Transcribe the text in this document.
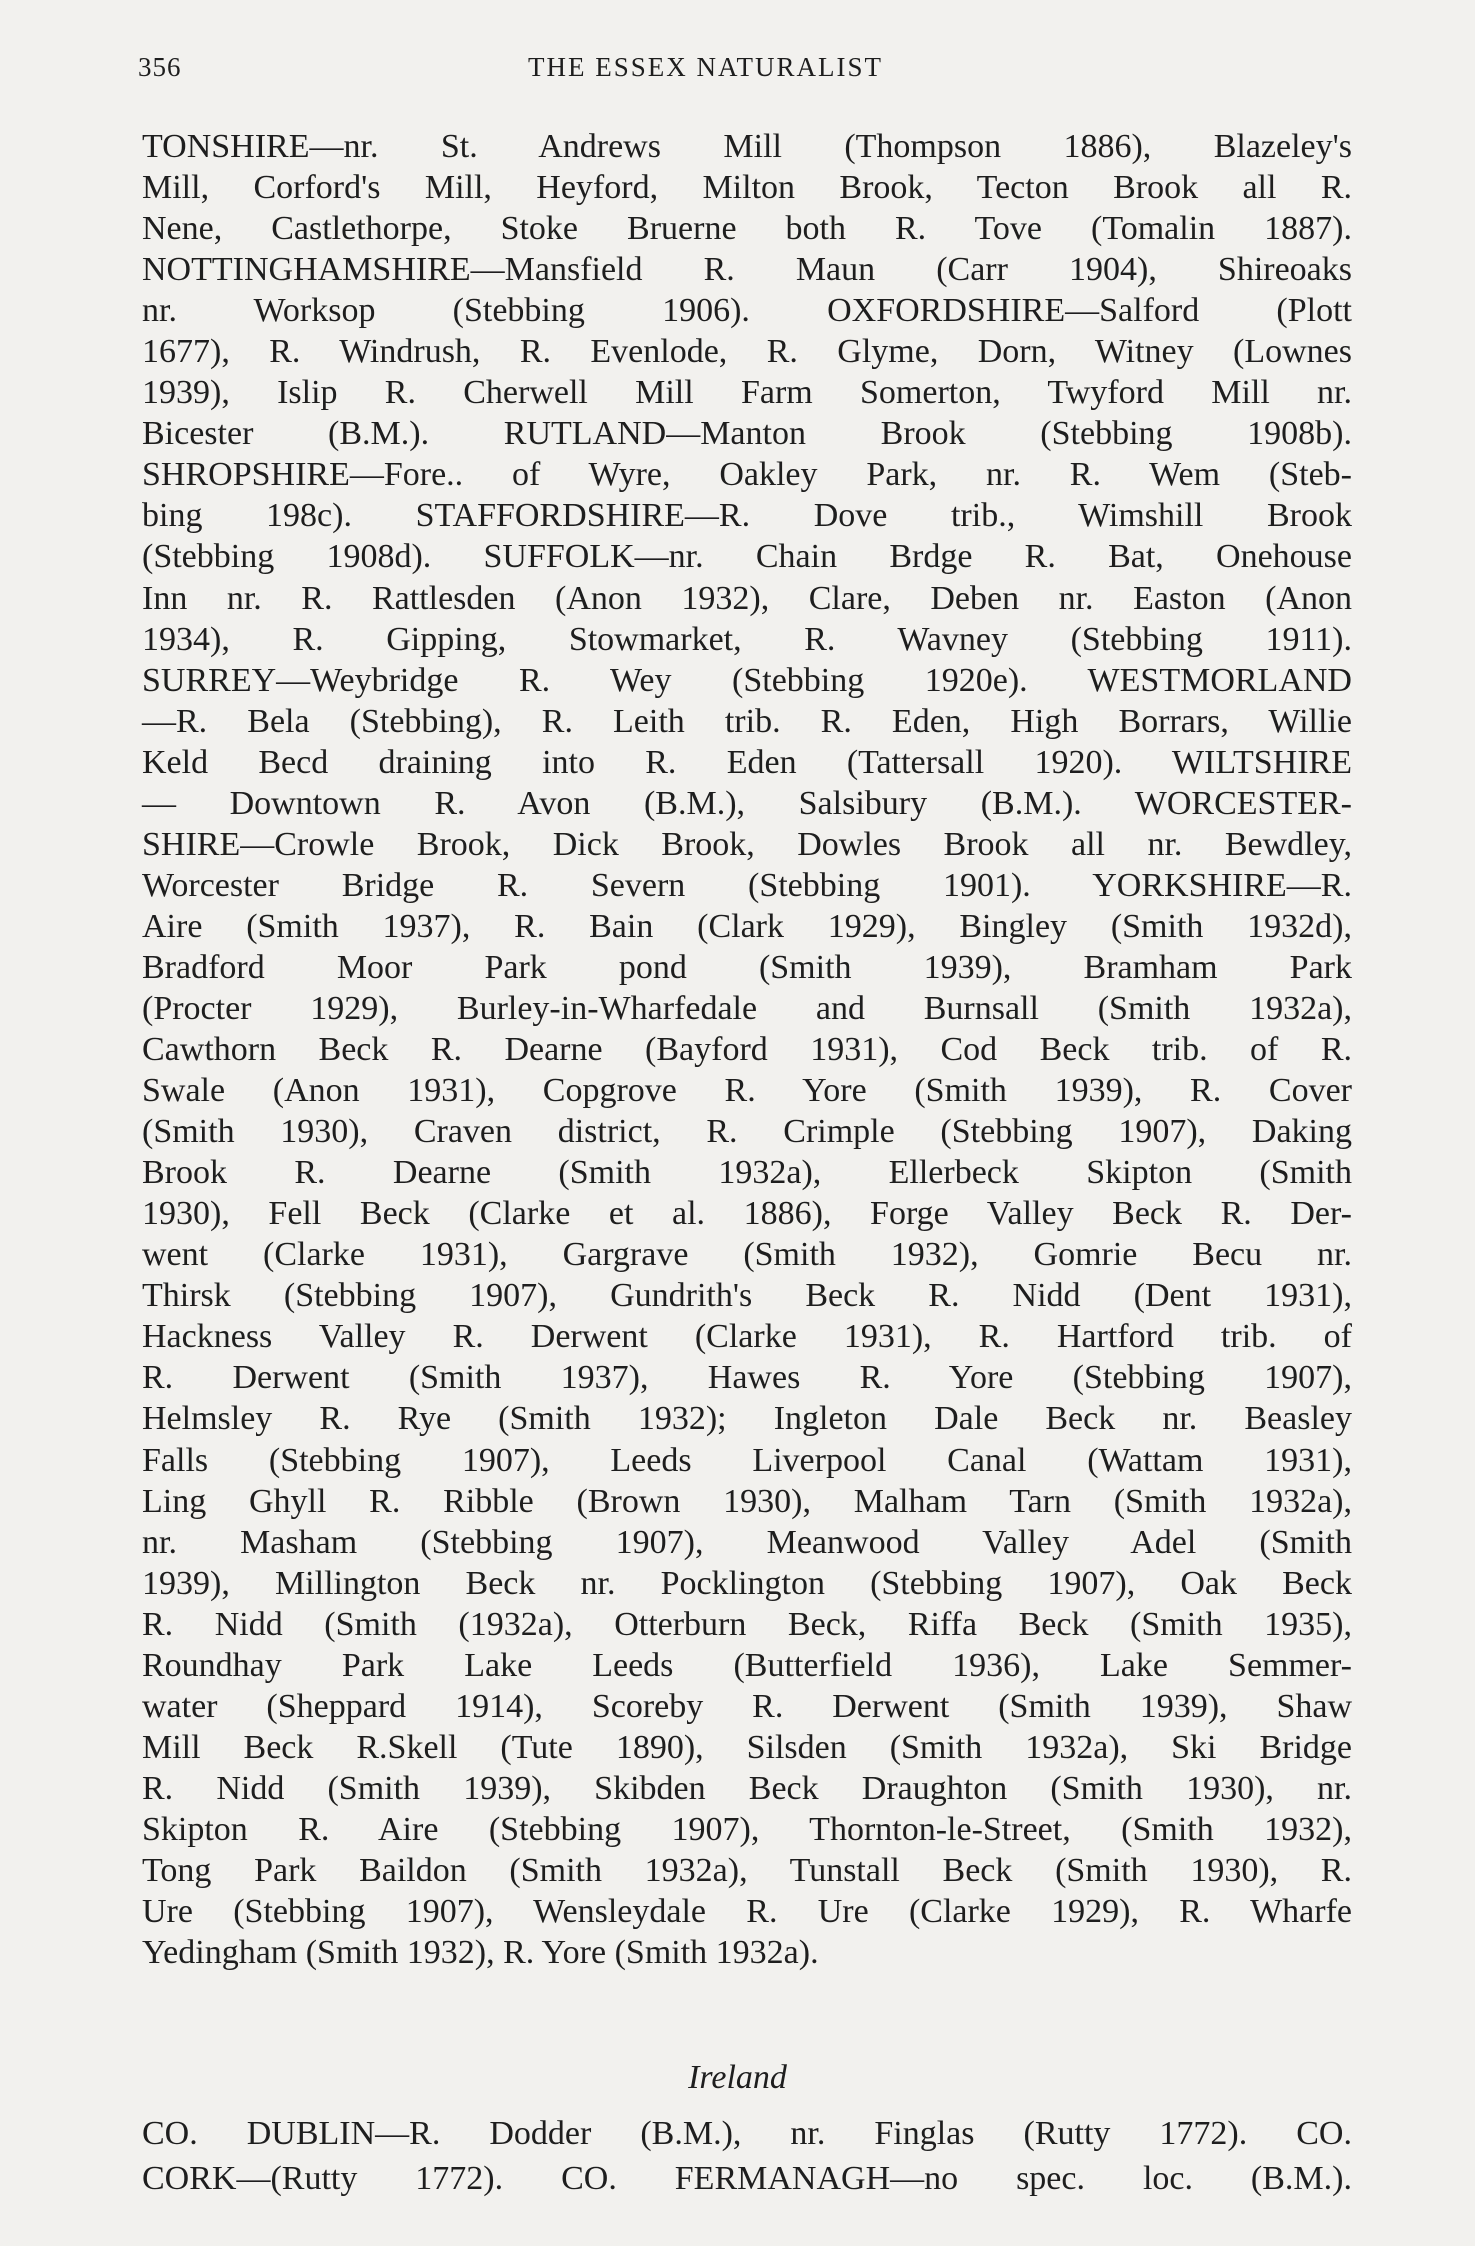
356	THE ESSEX NATURALIST
TONSHIRE—nr. St. Andrews Mill (Thompson 1886), Blazeley's
Mill, Corford's Mill, Heyford, Milton Brook, Tecton Brook all R.
Nene, Castlethorpe, Stoke Bruerne both R. Tove (Tomalin 1887).
NOTTINGHAMSHIRE—Mansfield R. Maun (Carr 1904), Shireoaks
nr. Worksop (Stebbing 1906). OXFORDSHIRE—Salford (Plott
1677), R. Windrush, R. Evenlode, R. Glyme, Dorn, Witney (Lownes
1939), Islip R. Cherwell Mill Farm Somerton, Twyford Mill nr.
Bicester (B.M.). RUTLAND—Manton Brook (Stebbing 1908b).
SHROPSHIRE—Fore.. of Wyre, Oakley Park, nr. R. Wem (Steb-
bing 198c). STAFFORDSHIRE—R. Dove trib., Wimshill Brook
(Stebbing 1908d). SUFFOLK—nr. Chain Brdge R. Bat, Onehouse
Inn nr. R. Rattlesden (Anon 1932), Clare, Deben nr. Easton (Anon
1934), R. Gipping, Stowmarket, R. Wavney (Stebbing 1911).
SURREY—Weybridge R. Wey (Stebbing 1920e). WESTMORLAND
—R. Bela (Stebbing), R. Leith trib. R. Eden, High Borrars, Willie
Keld Becd draining into R. Eden (Tattersall 1920). WILTSHIRE
— Downtown R. Avon (B.M.), Salsibury (B.M.). WORCESTER-
SHIRE—Crowle Brook, Dick Brook, Dowles Brook all nr. Bewdley,
Worcester Bridge R. Severn (Stebbing 1901). YORKSHIRE—R.
Aire (Smith 1937), R. Bain (Clark 1929), Bingley (Smith 1932d),
Bradford Moor Park pond (Smith 1939), Bramham Park
(Procter 1929), Burley-in-Wharfedale and Burnsall (Smith 1932a),
Cawthorn Beck R. Dearne (Bayford 1931), Cod Beck trib. of R.
Swale (Anon 1931), Copgrove R. Yore (Smith 1939), R. Cover
(Smith 1930), Craven district, R. Crimple (Stebbing 1907), Daking
Brook R. Dearne (Smith 1932a), Ellerbeck Skipton (Smith
1930), Fell Beck (Clarke et al. 1886), Forge Valley Beck R. Der-
went (Clarke 1931), Gargrave (Smith 1932), Gomrie Becu nr.
Thirsk (Stebbing 1907), Gundrith's Beck R. Nidd (Dent 1931),
Hackness Valley R. Derwent (Clarke 1931), R. Hartford trib. of
R. Derwent (Smith 1937), Hawes R. Yore (Stebbing 1907),
Helmsley R. Rye (Smith 1932); Ingleton Dale Beck nr. Beasley
Falls (Stebbing 1907), Leeds Liverpool Canal (Wattam 1931),
Ling Ghyll R. Ribble (Brown 1930), Malham Tarn (Smith 1932a),
nr. Masham (Stebbing 1907), Meanwood Valley Adel (Smith
1939), Millington Beck nr. Pocklington (Stebbing 1907), Oak Beck
R. Nidd (Smith (1932a), Otterburn Beck, Riffa Beck (Smith 1935),
Roundhay Park Lake Leeds (Butterfield 1936), Lake Semmer-
water (Sheppard 1914), Scoreby R. Derwent (Smith 1939), Shaw
Mill Beck R.Skell (Tute 1890), Silsden (Smith 1932a), Ski Bridge
R. Nidd (Smith 1939), Skibden Beck Draughton (Smith 1930), nr.
Skipton R. Aire (Stebbing 1907), Thornton-le-Street, (Smith 1932),
Tong Park Baildon (Smith 1932a), Tunstall Beck (Smith 1930), R.
Ure (Stebbing 1907), Wensleydale R. Ure (Clarke 1929), R. Wharfe
Yedingham (Smith 1932), R. Yore (Smith 1932a).
Ireland
CO. DUBLIN—R. Dodder (B.M.), nr. Finglas (Rutty 1772). CO.
CORK—(Rutty 1772). CO. FERMANAGH—no spec. loc. (B.M.).
